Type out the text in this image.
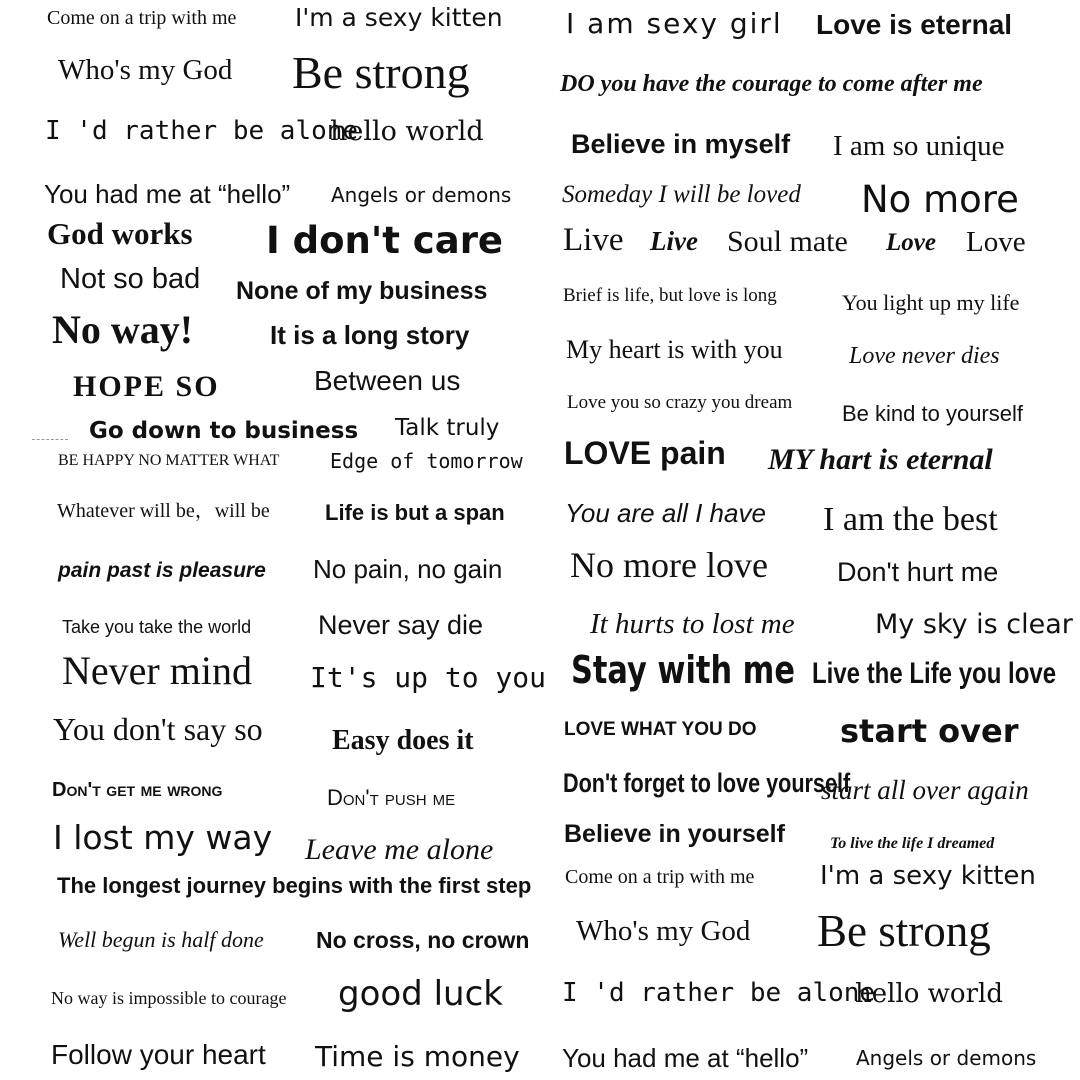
Come on a trip with me I'm a sexy kitten
Who's my God Be strong
I 'd rather be alone
hello world
You had me at “hello” Angels or demons
God works I don't care
Not so bad None of my business
No way!	It is a long story
HOPE SO	Between us
Go down to business Talk truly
BE HAPPY NO MATTER WHAT	Edge of tomorrow
Whatever will be，will be	Life is but a span
pain past is pleasure No pain, no gain
Take you take the world Never say die
Never mind It's up to you
You don't say so Easy does it
Don't get me wrong	Don't push me
I lost my way Leave me alone
The longest journey begins with the first step
Well begun is half done No cross, no crown
No way is impossible to courage good luck
Follow your heart Time is money
I am sexy girl Love is eternal
DO you have the courage to come after me
Believe in myself I am so unique
Someday I will be loved No more
Live Live Soul mate Love Love
Brief is life, but love is long	You light up my life
My heart is with you	Love never dies
Love you so crazy you dream Be kind to yourself
LOVE pain MY hart is eternal
You are all I have I am the best
No more love	Don't hurt me
It hurts to lost me	My sky is clear
Stay with me Live the Life you love
LOVE WHAT YOU DO	start over
Don't forget to love yourself
start all over again
Believe in yourself	To live the life I dreamed
Come on a trip with me	I'm a sexy kitten
Who's my God Be strong
I 'd rather be alone
hello world
You had me at “hello” Angels or demons
